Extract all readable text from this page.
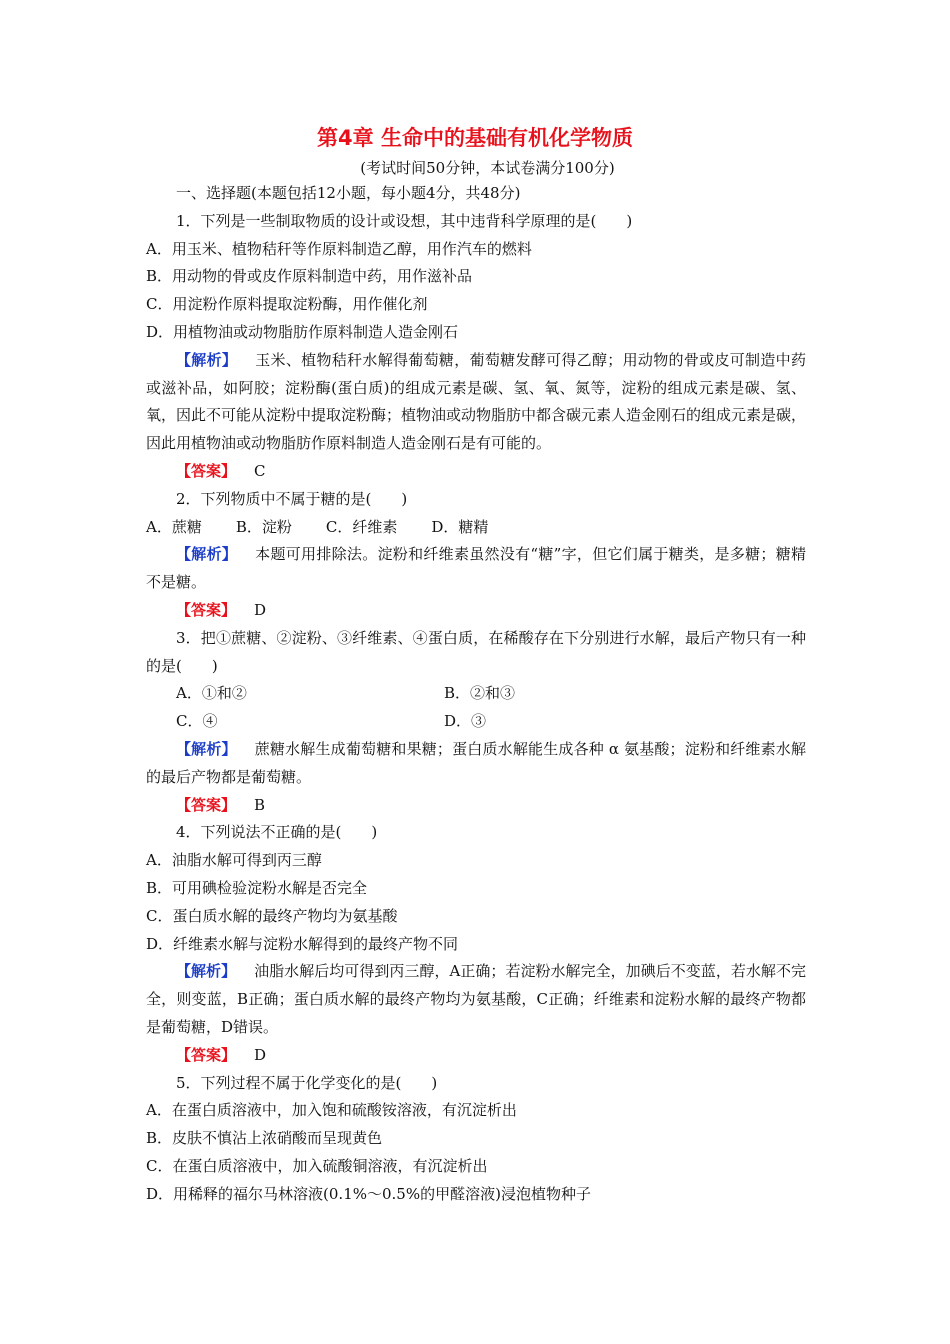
第4章 生命中的基础有机化学物质
(考试时间50分钟，本试卷满分100分)

一、选择题(本题包括12小题，每小题4分，共48分)

1．下列是一些制取物质的设计或设想，其中违背科学原理的是(　　)

A．用玉米、植物秸秆等作原料制造乙醇，用作汽车的燃料

B．用动物的骨或皮作原料制造中药，用作滋补品

C．用淀粉作原料提取淀粉酶，用作催化剂

D．用植物油或动物脂肪作原料制造人造金刚石

【解析】 玉米、植物秸秆水解得葡萄糖，葡萄糖发酵可得乙醇；用动物的骨或皮可制造中药或滋补品，如阿胶；淀粉酶(蛋白质)的组成元素是碳、氢、氧、氮等，淀粉的组成元素是碳、氢、氧，因此不可能从淀粉中提取淀粉酶；植物油或动物脂肪中都含碳元素人造金刚石的组成元素是碳，因此用植物油或动物脂肪作原料制造人造金刚石是有可能的。

【答案】 C

2．下列物质中不属于糖的是(　　)

A．蔗糖 B．淀粉 C．纤维素 D．糖精

【解析】 本题可用排除法。淀粉和纤维素虽然没有“糖”字，但它们属于糖类，是多糖；糖精不是糖。

【答案】 D

3．把①蔗糖、②淀粉、③纤维素、④蛋白质，在稀酸存在下分别进行水解，最后产物只有一种的是(　　)

A．①和②	B．②和③

C．④	D．③

【解析】 蔗糖水解生成葡萄糖和果糖；蛋白质水解能生成各种 α 氨基酸；淀粉和纤维素水解的最后产物都是葡萄糖。

【答案】 B

4．下列说法不正确的是(　　)

A．油脂水解可得到丙三醇

B．可用碘检验淀粉水解是否完全

C．蛋白质水解的最终产物均为氨基酸

D．纤维素水解与淀粉水解得到的最终产物不同

【解析】 油脂水解后均可得到丙三醇，A正确；若淀粉水解完全，加碘后不变蓝，若水解不完全，则变蓝，B正确；蛋白质水解的最终产物均为氨基酸，C正确；纤维素和淀粉水解的最终产物都是葡萄糖，D错误。

【答案】 D

5．下列过程不属于化学变化的是(　　)

A．在蛋白质溶液中，加入饱和硫酸铵溶液，有沉淀析出

B．皮肤不慎沾上浓硝酸而呈现黄色

C．在蛋白质溶液中，加入硫酸铜溶液，有沉淀析出

D．用稀释的福尔马林溶液(0.1%～0.5%的甲醛溶液)浸泡植物种子
